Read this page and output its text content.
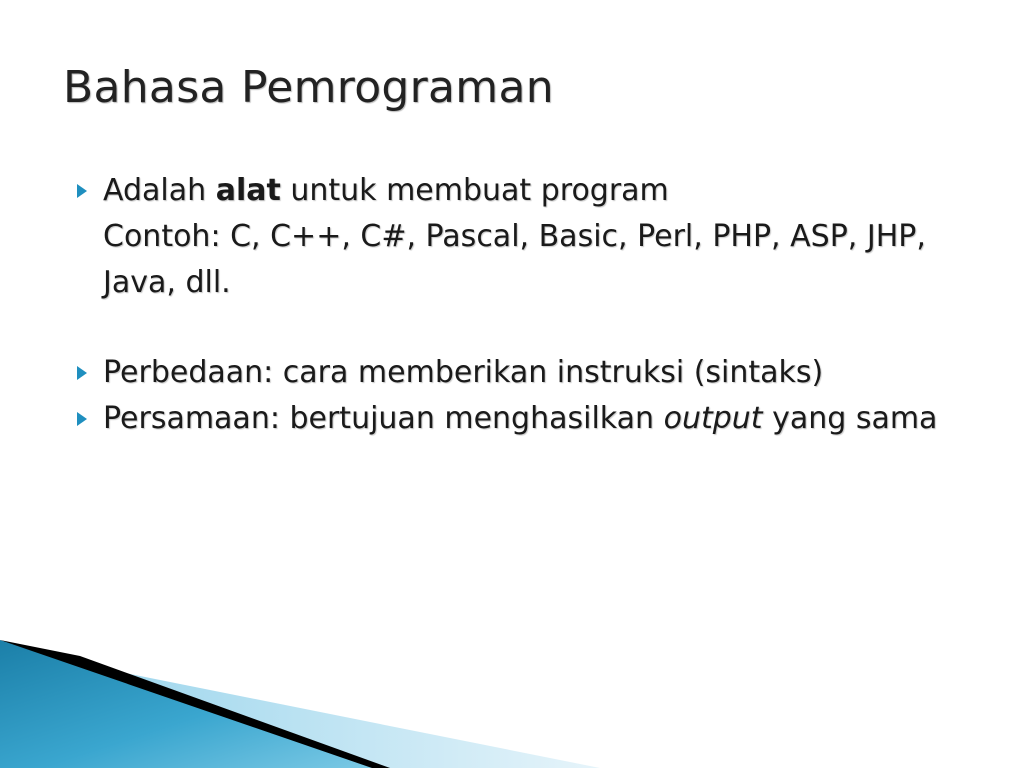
Bahasa Pemrograman
Adalah alat untuk membuat program
Contoh: C, C++, C#, Pascal, Basic, Perl, PHP, ASP, JHP, Java, dll.
Perbedaan: cara memberikan instruksi (sintaks)
Persamaan: bertujuan menghasilkan output yang sama
